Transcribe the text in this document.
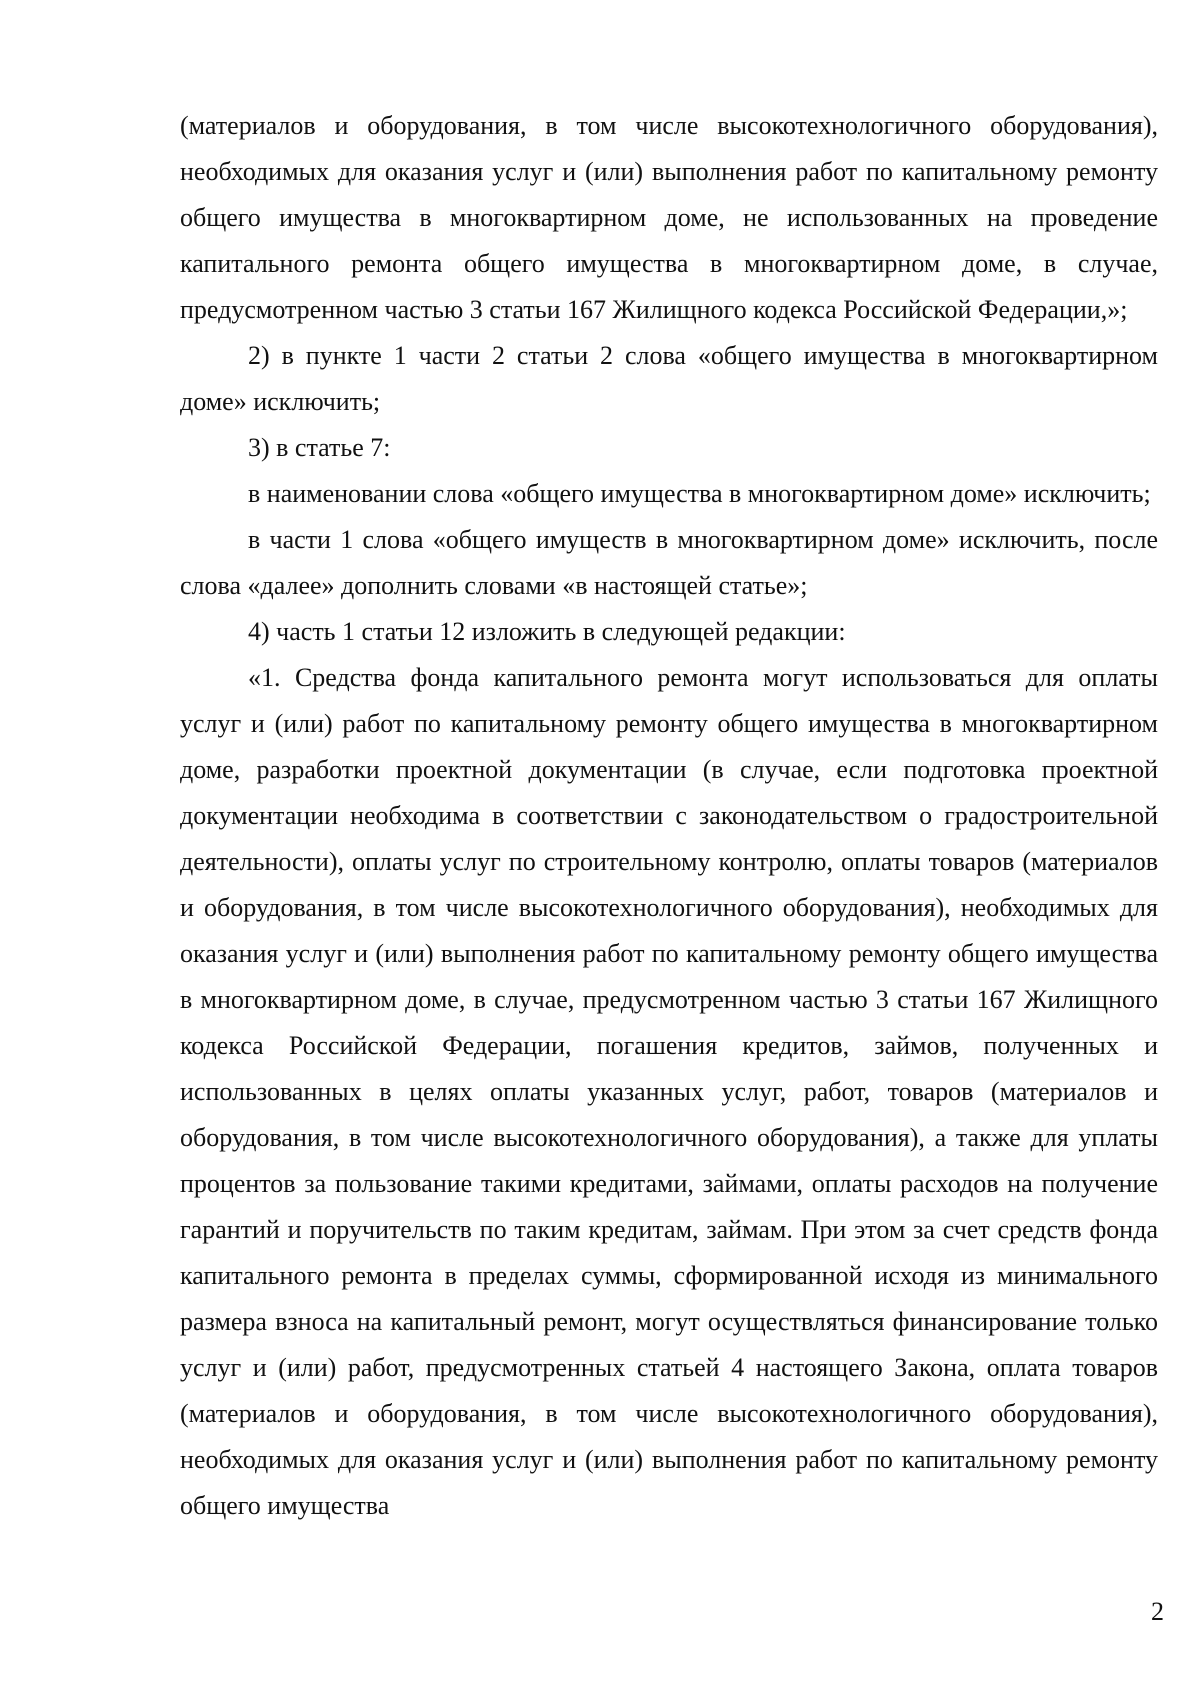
(материалов и оборудования, в том числе высокотехнологичного оборудования), необходимых для оказания услуг и (или) выполнения работ по капитальному ремонту общего имущества в многоквартирном доме, не использованных на проведение капитального ремонта общего имущества в многоквартирном доме, в случае, предусмотренном частью 3 статьи 167 Жилищного кодекса Российской Федерации,»;

2) в пункте 1 части 2 статьи 2 слова «общего имущества в многоквартирном доме» исключить;

3) в статье 7:

в наименовании слова «общего имущества в многоквартирном доме» исключить;

в части 1 слова «общего имуществ в многоквартирном доме» исключить, после слова «далее» дополнить словами «в настоящей статье»;

4) часть 1 статьи 12 изложить в следующей редакции:

«1. Средства фонда капитального ремонта могут использоваться для оплаты услуг и (или) работ по капитальному ремонту общего имущества в многоквартирном доме, разработки проектной документации (в случае, если подготовка проектной документации необходима в соответствии с законодательством о градостроительной деятельности), оплаты услуг по строительному контролю, оплаты товаров (материалов и оборудования, в том числе высокотехнологичного оборудования), необходимых для оказания услуг и (или) выполнения работ по капитальному ремонту общего имущества в многоквартирном доме, в случае, предусмотренном частью 3 статьи 167 Жилищного кодекса Российской Федерации, погашения кредитов, займов, полученных и использованных в целях оплаты указанных услуг, работ, товаров (материалов и оборудования, в том числе высокотехнологичного оборудования), а также для уплаты процентов за пользование такими кредитами, займами, оплаты расходов на получение гарантий и поручительств по таким кредитам, займам. При этом за счет средств фонда капитального ремонта в пределах суммы, сформированной исходя из минимального размера взноса на капитальный ремонт, могут осуществляться финансирование только услуг и (или) работ, предусмотренных статьей 4 настоящего Закона, оплата товаров (материалов и оборудования, в том числе высокотехнологичного оборудования), необходимых для оказания услуг и (или) выполнения работ по капитальному ремонту общего имущества

2
